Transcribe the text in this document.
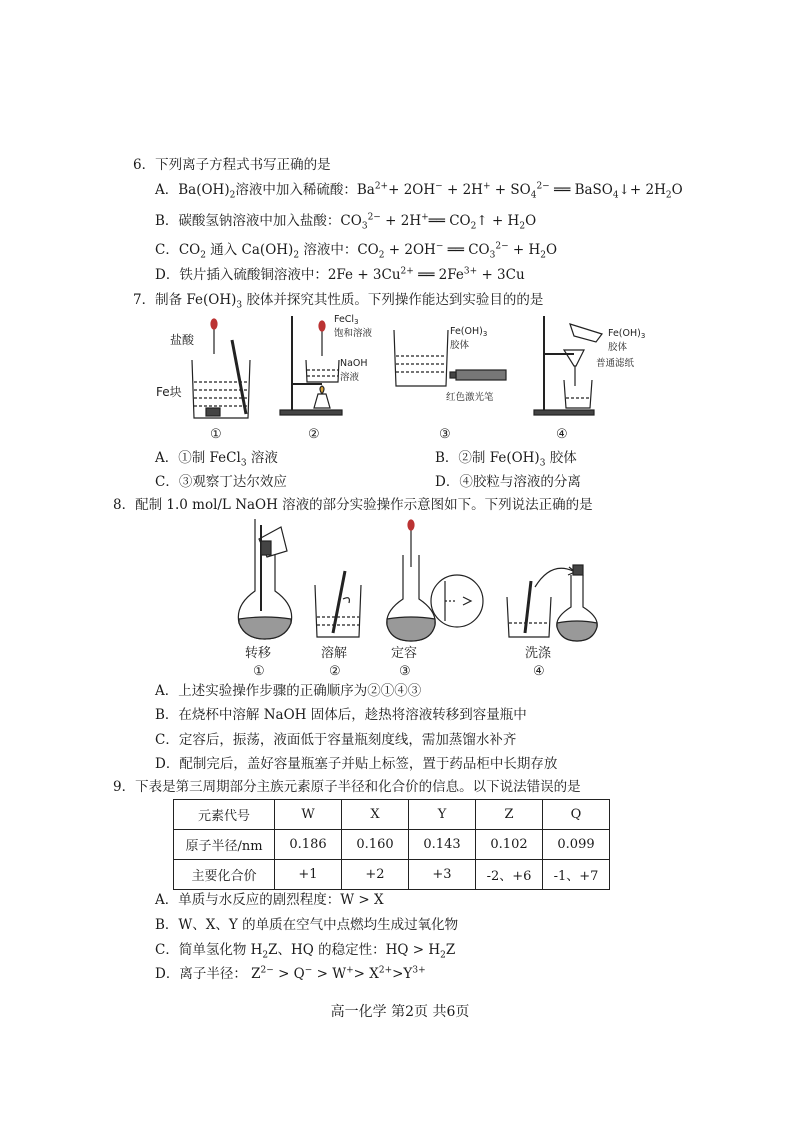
6．下列离子方程式书写正确的是
A．$Ba(OH)_2$溶液中加入稀硫酸：$Ba^{2+}+ 2OH^- + 2H^+ + SO_4^{2-}$ ══ BaSO$_4$↓+ $2H_2O$
B．碳酸氢钠溶液中加入盐酸：$CO_3^{2-}$ + 2H+══ $CO_2↑ + H_2O$
C．$CO_2$ 通入 $Ca(OH)_2$ 溶液中：$CO_2 + 2OH^-$ ══ $CO_3^{2-} + H_2O$
D．铁片插入硫酸铜溶液中：$2Fe + 3Cu^{2+}$ ══ $2Fe^{3+} + 3Cu$
7．制备 $Fe(OH)_3$ 胶体并探究其性质。下列操作能达到实验目的的是
盐酸
Fe块
FeCl$_3$
饱和溶液
NaOH
溶液
$Fe(OH)_3$
胶体
红色激光笔
$Fe(OH)_3$
胶体
普通滤纸
①	②	③	④
A．①制 FeCl$_3$ 溶液	B．②制 $Fe(OH)_3$ 胶体
C．③观察丁达尔效应	D．④胶粒与溶液的分离
8．配制 1.0 mol/L NaOH 溶液的部分实验操作示意图如下。下列说法正确的是
转移	溶解	定容	洗涤
①	②	③	④
A．上述实验操作步骤的正确顺序为②①④③
B．在烧杯中溶解 NaOH 固体后，趁热将溶液转移到容量瓶中
C．定容后，振荡，液面低于容量瓶刻度线，需加蒸馏水补齐
D．配制完后，盖好容量瓶塞子并贴上标签，置于药品柜中长期存放
9．下表是第三周期部分主族元素原子半径和化合价的信息。以下说法错误的是
元素代号	W	X	Y	Z	Q
原子半径/nm	0.186	0.160	0.143	0.102	0.099
主要化合价	+1	+2	+3	-2、+6	-1、+7
A．单质与水反应的剧烈程度：W > X
B．W、X、Y 的单质在空气中点燃均生成过氧化物
C．简单氢化物 $H_2Z$、HQ 的稳定性：HQ > $H_2Z$
D．离子半径： $Z^{2-} > Q^- > W^+> X^{2+}>Y^{3+}$
高一化学 第2页 共6页
